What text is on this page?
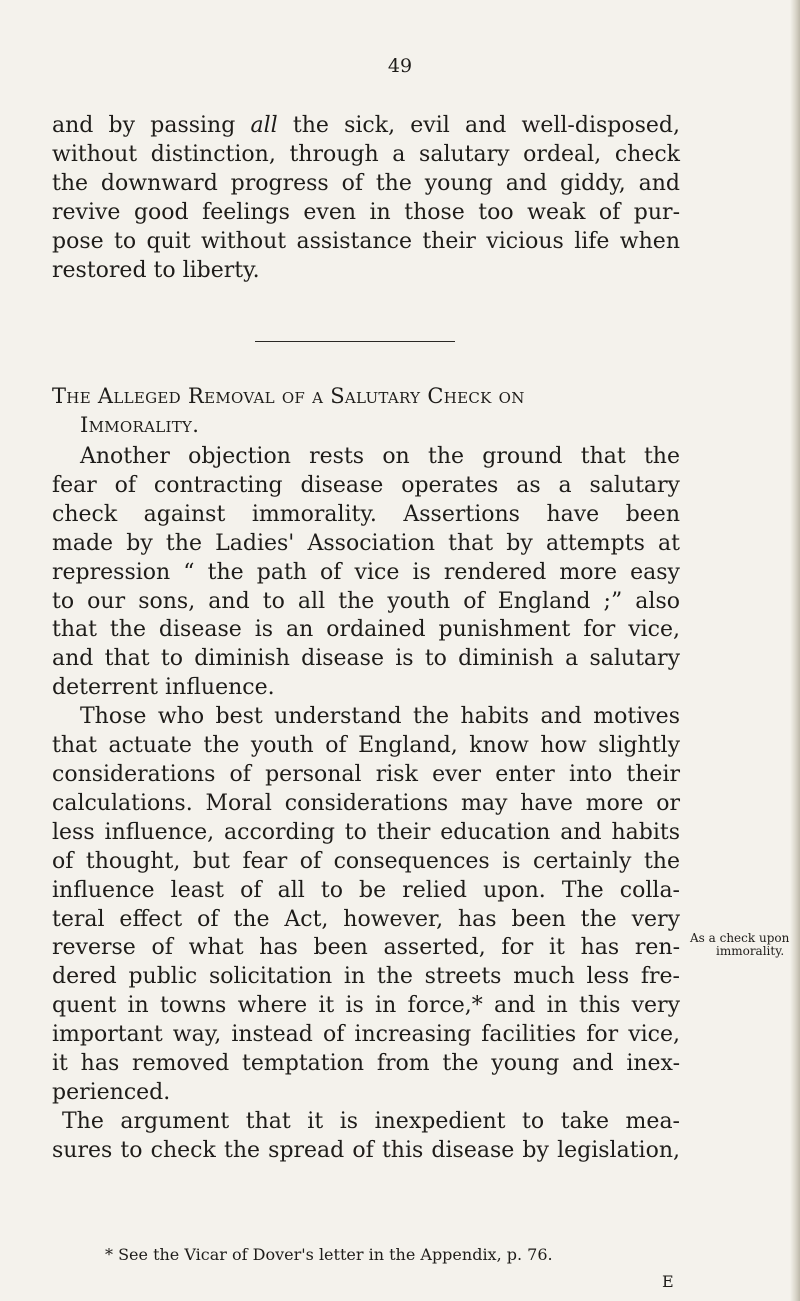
49
and by passing all the sick, evil and well-disposed,
without distinction, through a salutary ordeal, check
the downward progress of the young and giddy, and
revive good feelings even in those too weak of pur-
pose to quit without assistance their vicious life when
restored to liberty.
The Alleged Removal of a Salutary Check on
Immorality.
Another objection rests on the ground that the
fear of contracting disease operates as a salutary
check against immorality. Assertions have been
made by the Ladies' Association that by attempts at
repression “ the path of vice is rendered more easy
to our sons, and to all the youth of England ;” also
that the disease is an ordained punishment for vice,
and that to diminish disease is to diminish a salutary
deterrent influence.
Those who best understand the habits and motives
that actuate the youth of England, know how slightly
considerations of personal risk ever enter into their
calculations. Moral considerations may have more or
less influence, according to their education and habits
of thought, but fear of consequences is certainly the
influence least of all to be relied upon. The colla-
teral effect of the Act, however, has been the very
reverse of what has been asserted, for it has ren-
dered public solicitation in the streets much less fre-
quent in towns where it is in force,* and in this very
important way, instead of increasing facilities for vice,
it has removed temptation from the young and inex-
perienced.
The argument that it is inexpedient to take mea-
sures to check the spread of this disease by legislation,
As a check upon
immorality.
* See the Vicar of Dover's letter in the Appendix, p. 76.
E
